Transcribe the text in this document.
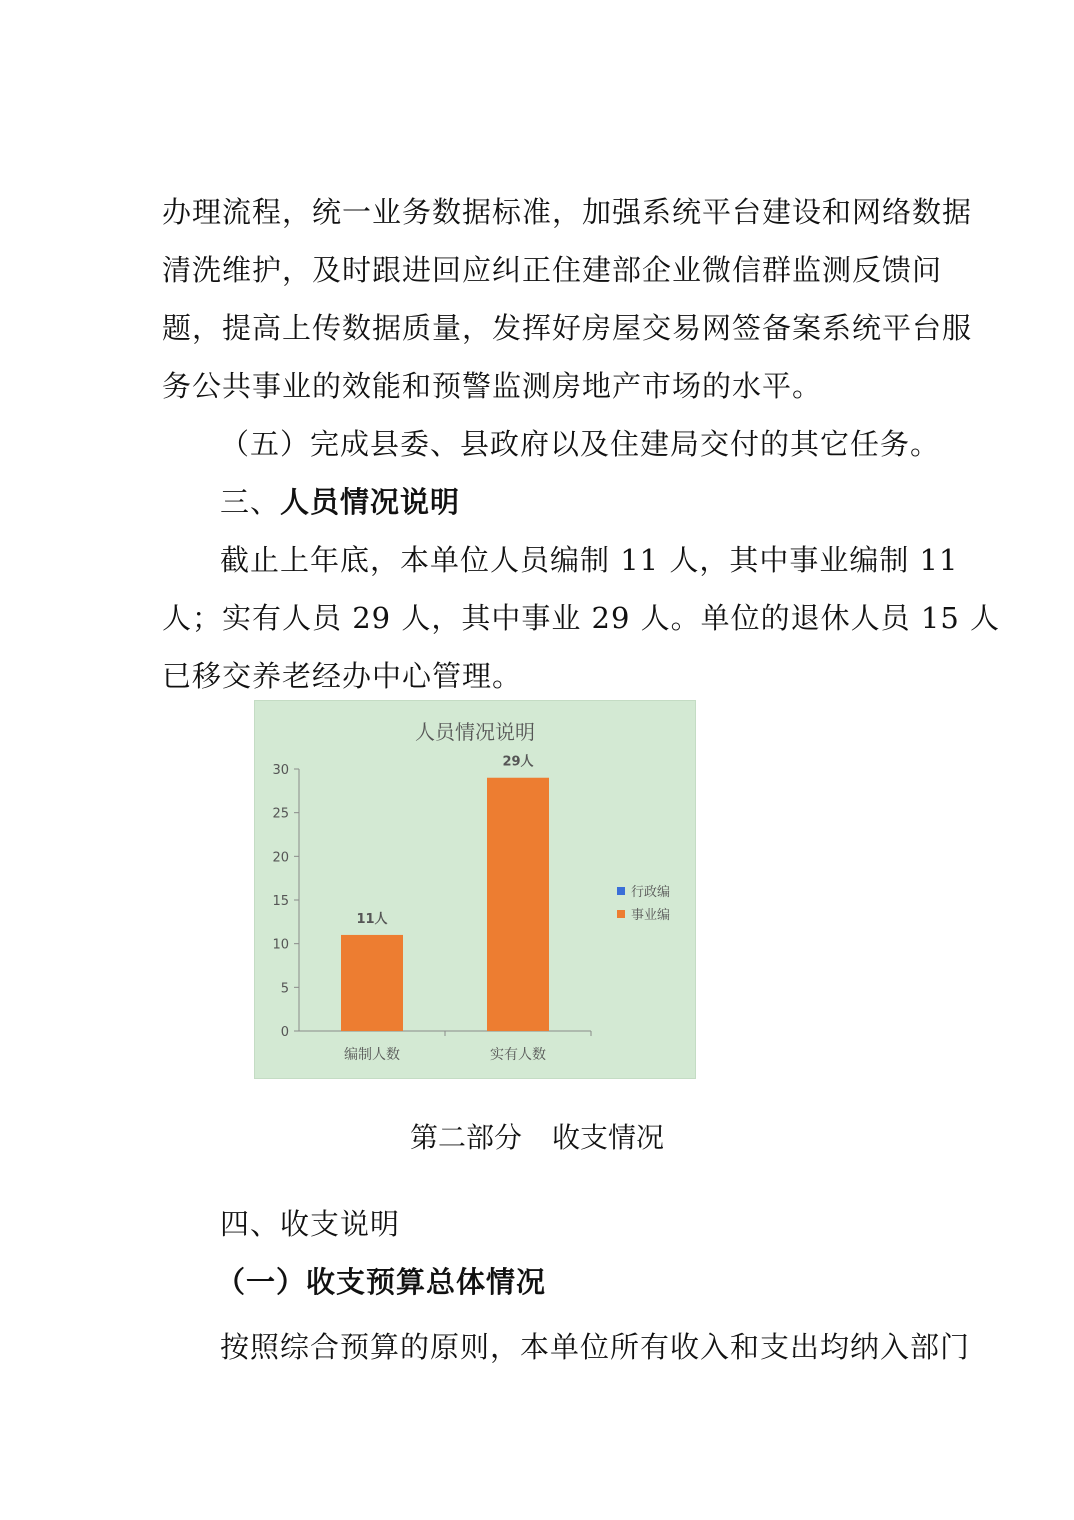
办理流程，统一业务数据标准，加强系统平台建设和网络数据
清洗维护，及时跟进回应纠正住建部企业微信群监测反馈问
题，提高上传数据质量，发挥好房屋交易网签备案系统平台服
务公共事业的效能和预警监测房地产市场的水平。
（五）完成县委、县政府以及住建局交付的其它任务。
三、人员情况说明
截止上年底，本单位人员编制 11 人，其中事业编制 11
人；实有人员 29 人，其中事业 29 人。单位的退休人员 15 人
已移交养老经办中心管理。
人员情况说明
0
5
10
15
20
25
30
11人
编制人数
29人
实有人数
行政编
事业编
第二部分 收支情况
四、收支说明
（一）收支预算总体情况
按照综合预算的原则，本单位所有收入和支出均纳入部门
